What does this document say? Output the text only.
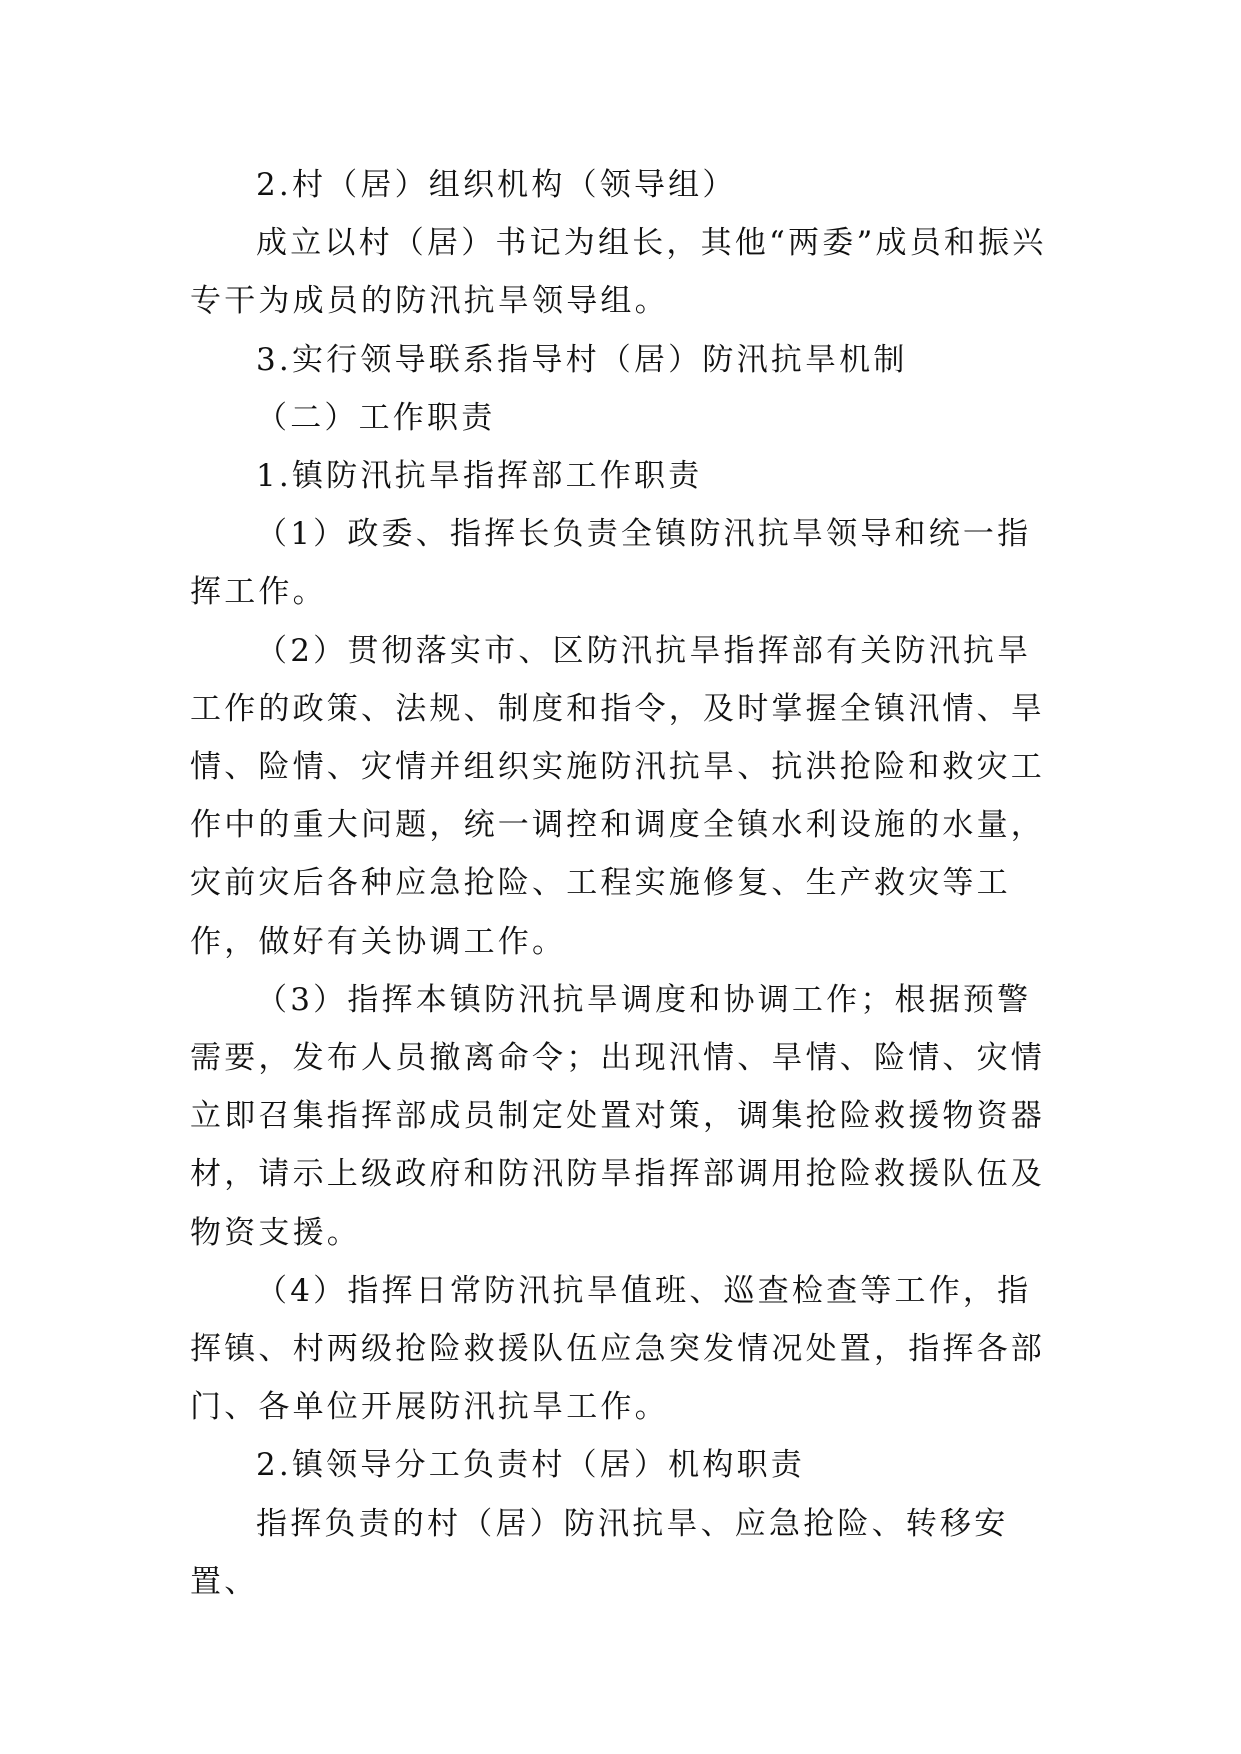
2.村（居）组织机构（领导组）

成立以村（居）书记为组长，其他“两委”成员和振兴专干为成员的防汛抗旱领导组。

3.实行领导联系指导村（居）防汛抗旱机制

（二）工作职责

1.镇防汛抗旱指挥部工作职责

（1）政委、指挥长负责全镇防汛抗旱领导和统一指挥工作。

（2）贯彻落实市、区防汛抗旱指挥部有关防汛抗旱工作的政策、法规、制度和指令，及时掌握全镇汛情、旱情、险情、灾情并组织实施防汛抗旱、抗洪抢险和救灾工作中的重大问题，统一调控和调度全镇水利设施的水量，灾前灾后各种应急抢险、工程实施修复、生产救灾等工作，做好有关协调工作。

（3）指挥本镇防汛抗旱调度和协调工作；根据预警需要，发布人员撤离命令；出现汛情、旱情、险情、灾情立即召集指挥部成员制定处置对策，调集抢险救援物资器材，请示上级政府和防汛防旱指挥部调用抢险救援队伍及物资支援。

（4）指挥日常防汛抗旱值班、巡查检查等工作，指挥镇、村两级抢险救援队伍应急突发情况处置，指挥各部门、各单位开展防汛抗旱工作。

2.镇领导分工负责村（居）机构职责

指挥负责的村（居）防汛抗旱、应急抢险、转移安置、
